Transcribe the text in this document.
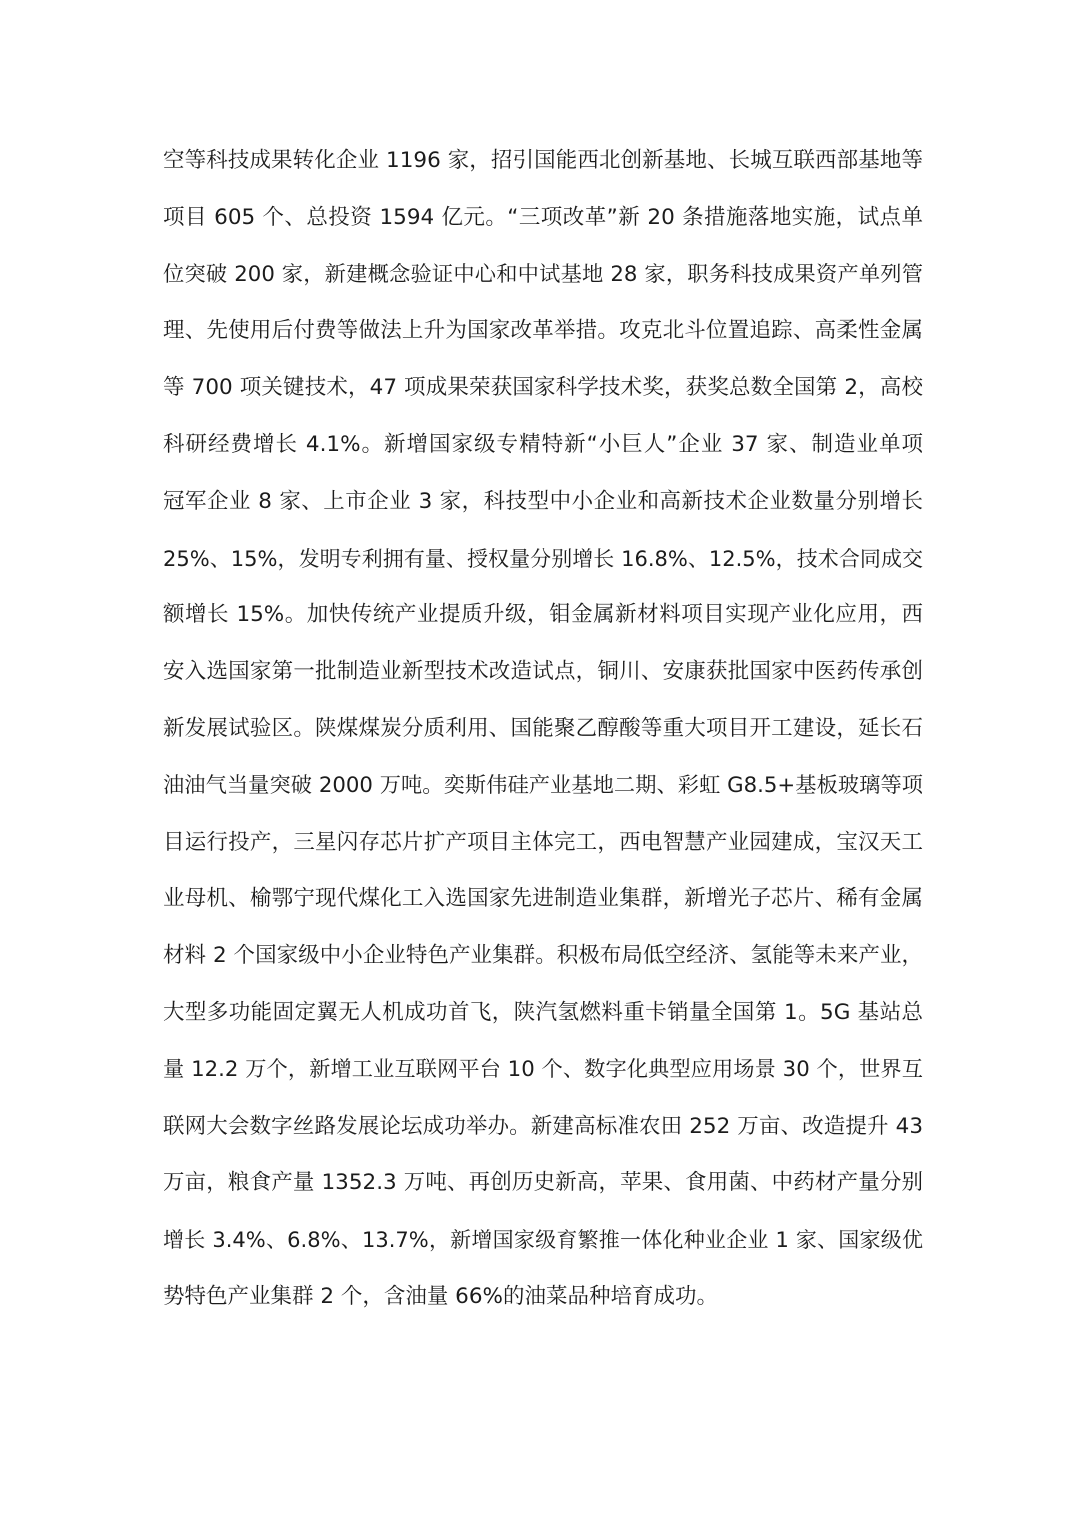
空等科技成果转化企业 1196 家，招引国能西北创新基地、长城互联西部基地等
项目 605 个、总投资 1594 亿元。“三项改革”新 20 条措施落地实施，试点单
位突破 200 家，新建概念验证中心和中试基地 28 家，职务科技成果资产单列管
理、先使用后付费等做法上升为国家改革举措。攻克北斗位置追踪、高柔性金属
等 700 项关键技术，47 项成果荣获国家科学技术奖，获奖总数全国第 2，高校
科研经费增长 4.1%。新增国家级专精特新“小巨人”企业 37 家、制造业单项
冠军企业 8 家、上市企业 3 家，科技型中小企业和高新技术企业数量分别增长
25%、15%，发明专利拥有量、授权量分别增长 16.8%、12.5%，技术合同成交
额增长 15%。加快传统产业提质升级，钼金属新材料项目实现产业化应用，西
安入选国家第一批制造业新型技术改造试点，铜川、安康获批国家中医药传承创
新发展试验区。陕煤煤炭分质利用、国能聚乙醇酸等重大项目开工建设，延长石
油油气当量突破 2000 万吨。奕斯伟硅产业基地二期、彩虹 G8.5+基板玻璃等项
目运行投产，三星闪存芯片扩产项目主体完工，西电智慧产业园建成，宝汉天工
业母机、榆鄂宁现代煤化工入选国家先进制造业集群，新增光子芯片、稀有金属
材料 2 个国家级中小企业特色产业集群。积极布局低空经济、氢能等未来产业，
大型多功能固定翼无人机成功首飞，陕汽氢燃料重卡销量全国第 1。5G 基站总
量 12.2 万个，新增工业互联网平台 10 个、数字化典型应用场景 30 个，世界互
联网大会数字丝路发展论坛成功举办。新建高标准农田 252 万亩、改造提升 43
万亩，粮食产量 1352.3 万吨、再创历史新高，苹果、食用菌、中药材产量分别
增长 3.4%、6.8%、13.7%，新增国家级育繁推一体化种业企业 1 家、国家级优
势特色产业集群 2 个，含油量 66%的油菜品种培育成功。
